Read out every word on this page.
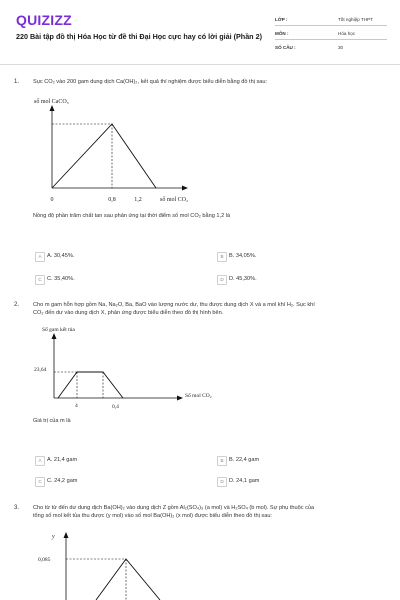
QUIZIZZ
220 Bài tập đồ thị Hóa Học từ đề thi Đại Học cực hay có lời giải (Phần 2)
LỚP :	Tốt nghiệp THPT
MÔN :	Hóa học
SỐ CÂU :	30
1. Sục CO₂ vào 200 gam dung dịch Ca(OH)₂, kết quả thí nghiệm được biểu diễn bằng đồ thị sau:
số mol CaCO₃
0	0,8	1,2	số mol CO₂
Nồng độ phần trăm chất tan sau phản ứng tại thời điểm số mol CO₂ bằng 1,2 là
A A. 30,45%.	B B. 34,05%.
C C. 35,40%.	D D. 45,30%.
2. Cho m gam hỗn hợp gồm Na, Na₂O, Ba, BaO vào lượng nước dư, thu được dung dịch X và a mol khí H₂. Sục khí
CO₂ đến dư vào dung dịch X, phản ứng được biểu diễn theo đồ thị hình bên.
Số gam kết tủa
23,64
4	0,4
Số mol CO₂
Giá trị của m là
A A. 21,4 gam	B B. 22,4 gam
C C. 24,2 gam	D D. 24,1 gam
3. Cho từ từ đến dư dung dịch Ba(OH)₂ vào dung dịch Z gồm Al₂(SO₄)₃ (a mol) và H₂SO₄ (b mol). Sự phụ thuộc của
tổng số mol kết tủa thu được (y mol) vào số mol Ba(OH)₂ (x mol) được biểu diễn theo đồ thị sau:
y
0,085
